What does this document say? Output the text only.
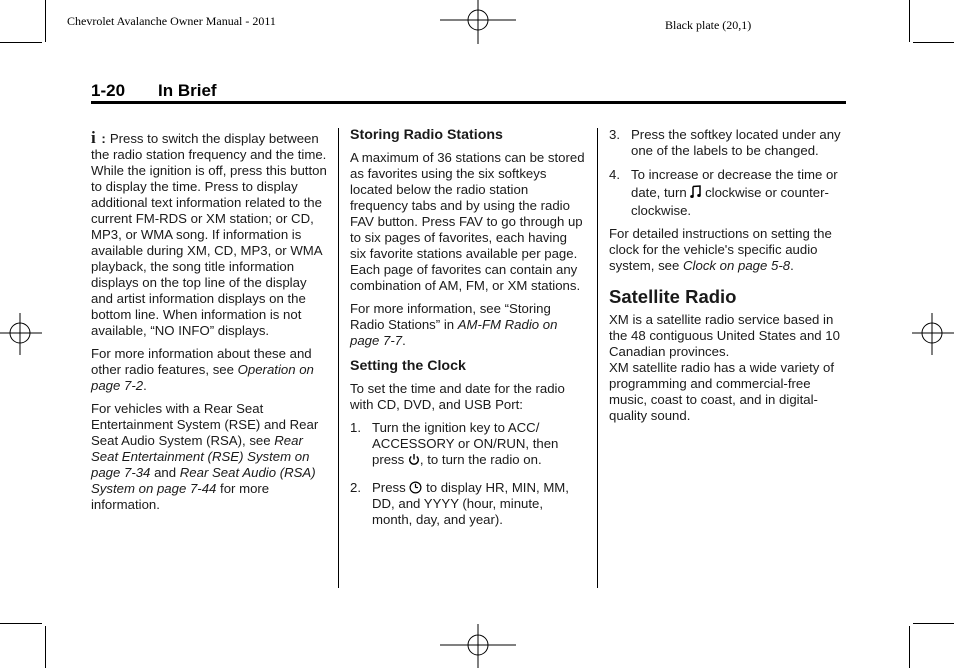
Chevrolet Avalanche Owner Manual - 2011	Black plate (20,1)
1-20 In Brief

i : Press to switch the display between the radio station frequency and the time. While the ignition is off, press this button to display the time. Press to display additional text information related to the current FM-RDS or XM station; or CD, MP3, or WMA song. If information is available during XM, CD, MP3, or WMA playback, the song title information displays on the top line of the display and artist information displays on the bottom line. When information is not available, “NO INFO” displays.

For more information about these and other radio features, see Operation on page 7-2.

For vehicles with a Rear Seat Entertainment System (RSE) and Rear Seat Audio System (RSA), see Rear Seat Entertainment (RSE) System on page 7-34 and Rear Seat Audio (RSA) System on page 7-44 for more information.

Storing Radio Stations

A maximum of 36 stations can be stored as favorites using the six softkeys located below the radio station frequency tabs and by using the radio FAV button. Press FAV to go through up to six pages of favorites, each having six favorite stations available per page. Each page of favorites can contain any combination of AM, FM, or XM stations.

For more information, see “Storing Radio Stations” in AM-FM Radio on page 7-7.

Setting the Clock

To set the time and date for the radio with CD, DVD, and USB Port:

1. Turn the ignition key to ACC/ ACCESSORY or ON/RUN, then press , to turn the radio on.
2. Press to display HR, MIN, MM, DD, and YYYY (hour, minute, month, day, and year).
3. Press the softkey located under any one of the labels to be changed.
4. To increase or decrease the time or date, turn clockwise or counter-clockwise.

For detailed instructions on setting the clock for the vehicle's specific audio system, see Clock on page 5-8.

Satellite Radio

XM is a satellite radio service based in the 48 contiguous United States and 10 Canadian provinces.

XM satellite radio has a wide variety of programming and commercial-free music, coast to coast, and in digital-quality sound.
